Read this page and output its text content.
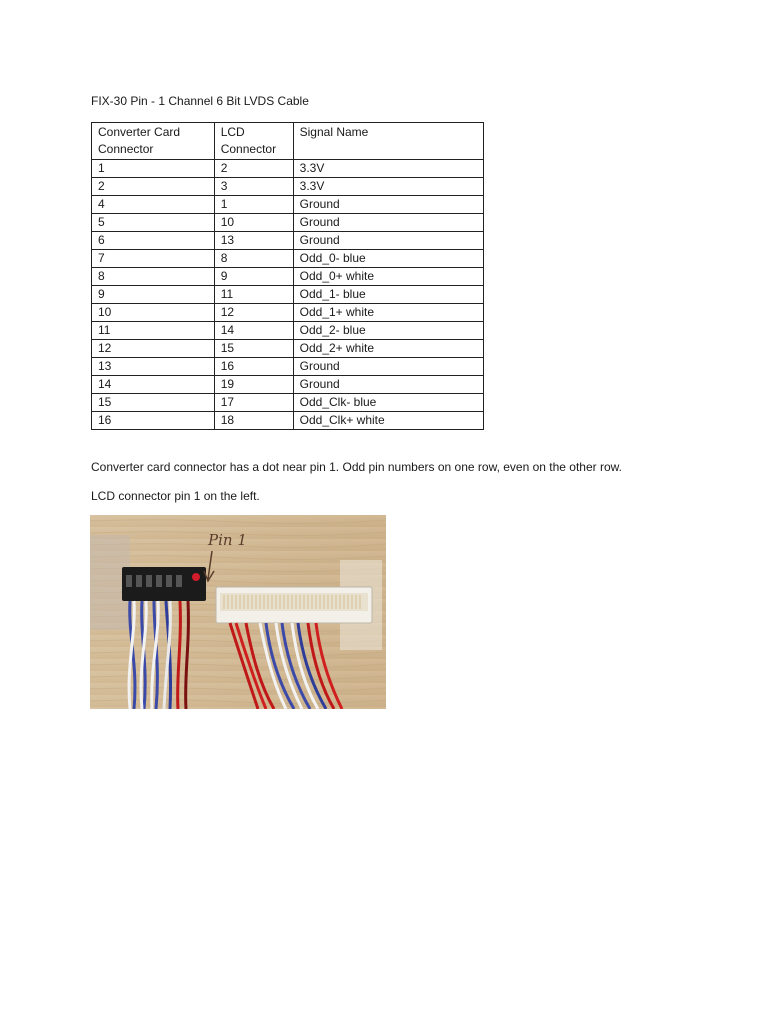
FIX-30 Pin - 1 Channel 6 Bit LVDS Cable

Converter Card Connector	LCD Connector	Signal Name
1	2	3.3V
2	3	3.3V
4	1	Ground
5	10	Ground
6	13	Ground
7	8	Odd_0- blue
8	9	Odd_0+ white
9	11	Odd_1- blue
10	12	Odd_1+ white
11	14	Odd_2- blue
12	15	Odd_2+ white
13	16	Ground
14	19	Ground
15	17	Odd_Clk- blue
16	18	Odd_Clk+ white

Converter card connector has a dot near pin 1. Odd pin numbers on one row, even on the other row.

LCD connector pin 1 on the left.

Pin 1
